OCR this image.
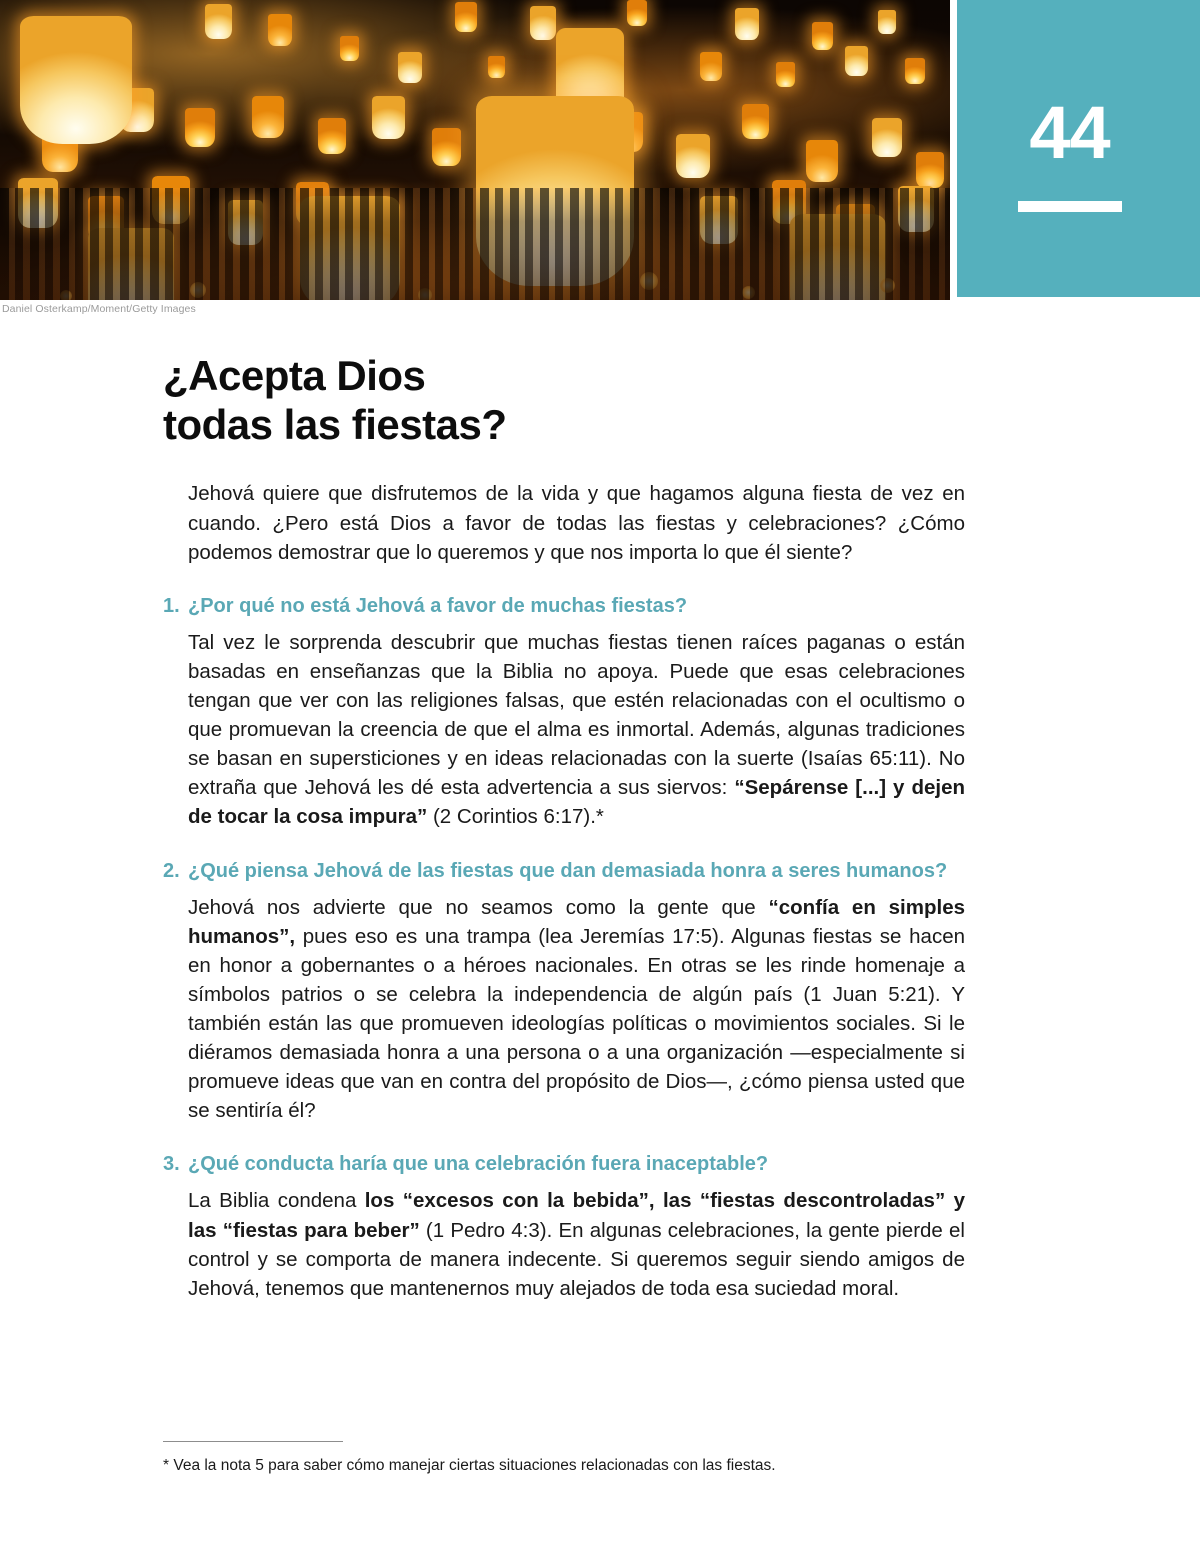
44
Daniel Osterkamp/Moment/Getty Images
¿Acepta Dios
todas las fiestas?

Jehová quiere que disfrutemos de la vida y que hagamos alguna fiesta de vez en cuando. ¿Pero está Dios a favor de todas las fiestas y celebraciones? ¿Cómo podemos demostrar que lo queremos y que nos importa lo que él siente?

1. ¿Por qué no está Jehová a favor de muchas fiestas?

Tal vez le sorprenda descubrir que muchas fiestas tienen raíces paganas o están basadas en enseñanzas que la Biblia no apoya. Puede que esas celebraciones tengan que ver con las religiones falsas, que estén relacionadas con el ocultismo o que promuevan la creencia de que el alma es inmortal. Además, algunas tradiciones se basan en supersticiones y en ideas relacionadas con la suerte (Isaías 65:11). No extraña que Jehová les dé esta advertencia a sus siervos: “Sepárense [...] y dejen de tocar la cosa impura” (2 Corintios 6:17).*

2. ¿Qué piensa Jehová de las fiestas que dan demasiada honra a seres humanos?

Jehová nos advierte que no seamos como la gente que “confía en simples humanos”, pues eso es una trampa (lea Jeremías 17:5). Algunas fiestas se hacen en honor a gobernantes o a héroes nacionales. En otras se les rinde homenaje a símbolos patrios o se celebra la independencia de algún país (1 Juan 5:21). Y también están las que promueven ideologías políticas o movimientos sociales. Si le diéramos demasiada honra a una persona o a una organización —especialmente si promueve ideas que van en contra del propósito de Dios—, ¿cómo piensa usted que se sentiría él?

3. ¿Qué conducta haría que una celebración fuera inaceptable?

La Biblia condena los “excesos con la bebida”, las “fiestas descontroladas” y las “fiestas para beber” (1 Pedro 4:3). En algunas celebraciones, la gente pierde el control y se comporta de manera indecente. Si queremos seguir siendo amigos de Jehová, tenemos que mantenernos muy alejados de toda esa suciedad moral.

* Vea la nota 5 para saber cómo manejar ciertas situaciones relacionadas con las fiestas.
